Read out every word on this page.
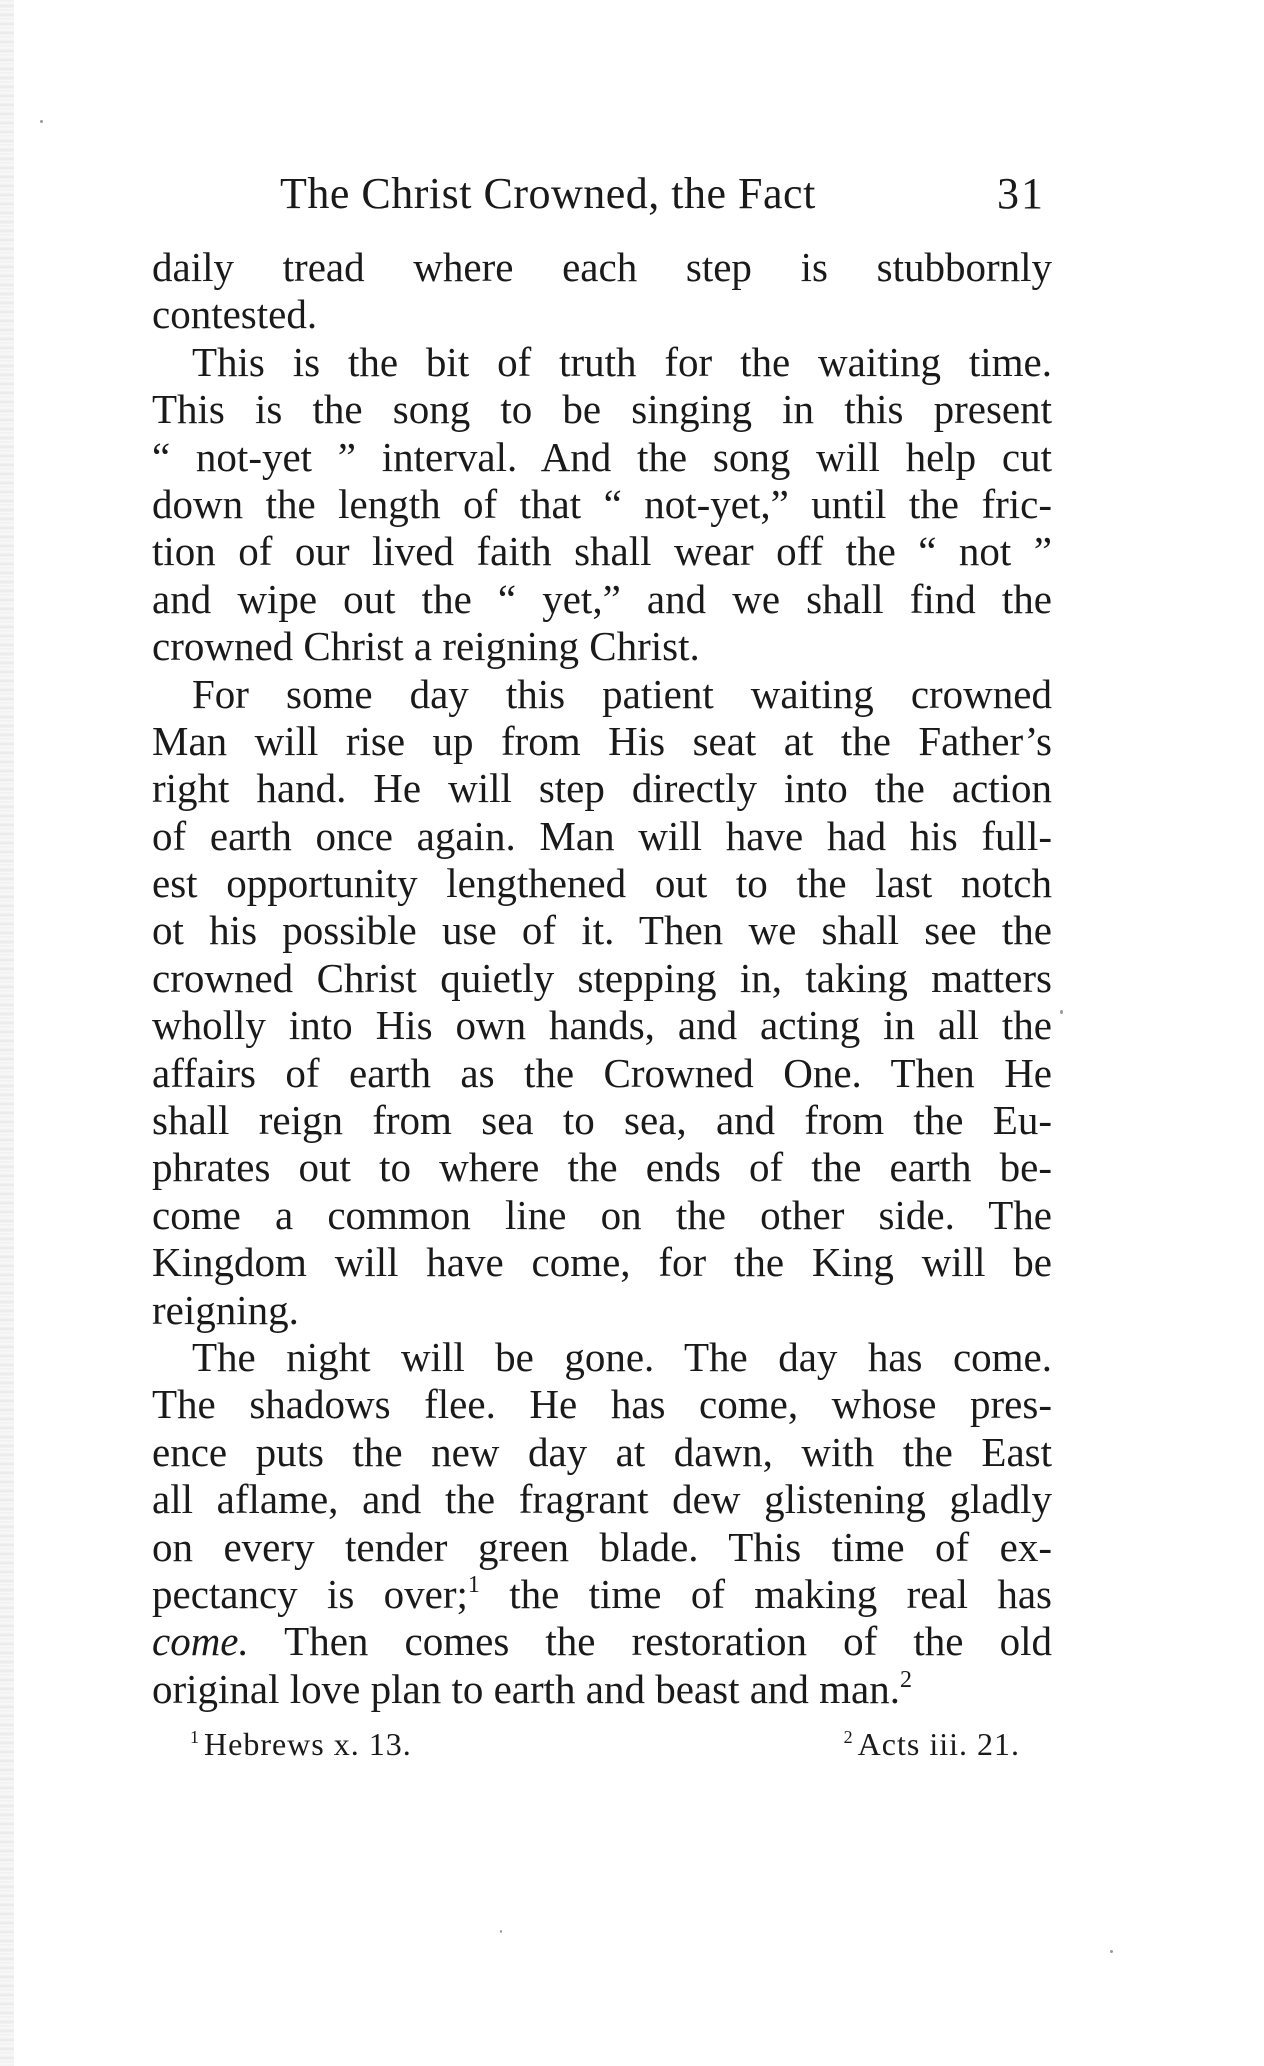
The Christ Crowned, the Fact	31
daily tread where each step is stubbornly
contested.
This is the bit of truth for the waiting time.
This is the song to be singing in this present
“ not-yet ” interval. And the song will help cut
down the length of that “ not-yet,” until the fric-
tion of our lived faith shall wear off the “ not ”
and wipe out the “ yet,” and we shall find the
crowned Christ a reigning Christ.
For some day this patient waiting crowned
Man will rise up from His seat at the Father’s
right hand. He will step directly into the action
of earth once again. Man will have had his full-
est opportunity lengthened out to the last notch
ot his possible use of it. Then we shall see the
crowned Christ quietly stepping in, taking matters
wholly into His own hands, and acting in all the
affairs of earth as the Crowned One. Then He
shall reign from sea to sea, and from the Eu-
phrates out to where the ends of the earth be-
come a common line on the other side. The
Kingdom will have come, for the King will be
reigning.
The night will be gone. The day has come.
The shadows flee. He has come, whose pres-
ence puts the new day at dawn, with the East
all aflame, and the fragrant dew glistening gladly
on every tender green blade. This time of ex-
pectancy is over;$^1$ the time of making real has
come. Then comes the restoration of the old
original love plan to earth and beast and man.$^2$
$^1$ Hebrews x. 13.	$^2$ Acts iii. 21.
